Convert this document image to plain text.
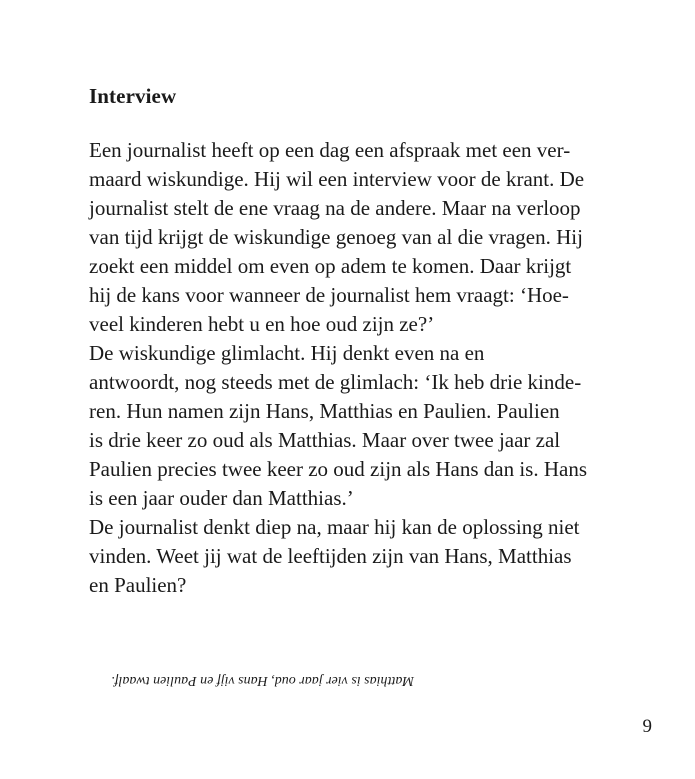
Interview
Een journalist heeft op een dag een afspraak met een ver-
maard wiskundige. Hij wil een interview voor de krant. De
journalist stelt de ene vraag na de andere. Maar na verloop
van tijd krijgt de wiskundige genoeg van al die vragen. Hij
zoekt een middel om even op adem te komen. Daar krijgt
hij de kans voor wanneer de journalist hem vraagt: ‘Hoe-
veel kinderen hebt u en hoe oud zijn ze?’
De wiskundige glimlacht. Hij denkt even na en
antwoordt, nog steeds met de glimlach: ‘Ik heb drie kinde-
ren. Hun namen zijn Hans, Matthias en Paulien. Paulien
is drie keer zo oud als Matthias. Maar over twee jaar zal
Paulien precies twee keer zo oud zijn als Hans dan is. Hans
is een jaar ouder dan Matthias.’
De journalist denkt diep na, maar hij kan de oplossing niet
vinden. Weet jij wat de leeftijden zijn van Hans, Matthias
en Paulien?
Matthias is vier jaar oud, Hans vijf en Paulien twaalf.
9
